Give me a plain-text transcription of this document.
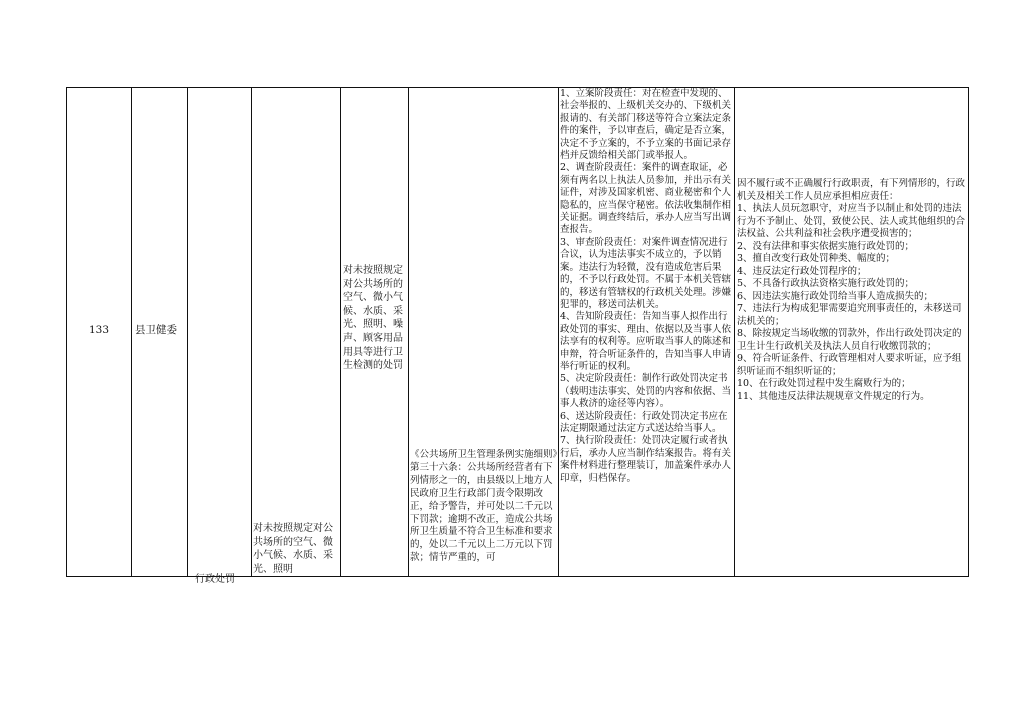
133	县卫健委
对未按照规定对公共场所的空气、微小气候、水质、采光、照明、噪声、顾客用品用具等进行卫生检测的处罚
对未按照规定对公共场所的空气、微小气候、水质、采光、照明
行政处罚
《公共场所卫生管理条例实施细则》第三十六条：公共场所经营者有下列情形之一的，由县级以上地方人民政府卫生行政部门责令限期改正，给予警告，并可处以二千元以下罚款；逾期不改正，造成公共场所卫生质量不符合卫生标准和要求的，处以二千元以上二万元以下罚款；情节严重的，可
1、立案阶段责任：对在检查中发现的、社会举报的、上级机关交办的、下级机关报请的、有关部门移送等符合立案法定条件的案件，予以审查后，确定是否立案，决定不予立案的，不予立案的书面记录存档并反馈给相关部门或举报人。
2、调查阶段责任：案件的调查取证，必须有两名以上执法人员参加，并出示有关证件，对涉及国家机密、商业秘密和个人隐私的，应当保守秘密。依法收集制作相关证据。调查终结后，承办人应当写出调查报告。
3、审查阶段责任：对案件调查情况进行合议，认为违法事实不成立的，予以销案。违法行为轻微，没有造成危害后果的，不予以行政处罚。不属于本机关管辖的，移送有管辖权的行政机关处理。涉嫌犯罪的，移送司法机关。
4、告知阶段责任：告知当事人拟作出行政处罚的事实、理由、依据以及当事人依法享有的权利等。应听取当事人的陈述和申辩，符合听证条件的，告知当事人申请举行听证的权利。
5、决定阶段责任：制作行政处罚决定书（载明违法事实、处罚的内容和依据、当事人救济的途径等内容）。
6、送达阶段责任：行政处罚决定书应在法定期限通过法定方式送达给当事人。
7、执行阶段责任：处罚决定履行或者执行后，承办人应当制作结案报告。将有关案件材料进行整理装订，加盖案件承办人印章，归档保存。
因不履行或不正确履行行政职责，有下列情形的，行政机关及相关工作人员应承担相应责任：
1、执法人员玩忽职守，对应当予以制止和处罚的违法行为不予制止、处罚，致使公民、法人或其他组织的合法权益、公共利益和社会秩序遭受损害的；
2、没有法律和事实依据实施行政处罚的；
3、擅自改变行政处罚种类、幅度的；
4、违反法定行政处罚程序的；
5、不具备行政执法资格实施行政处罚的；
6、因违法实施行政处罚给当事人造成损失的；
7、违法行为构成犯罪需要追究刑事责任的，未移送司法机关的；
8、除按规定当场收缴的罚款外，作出行政处罚决定的卫生计生行政机关及执法人员自行收缴罚款的；
9、符合听证条件、行政管理相对人要求听证，应予组织听证而不组织听证的；
10、在行政处罚过程中发生腐败行为的；
11、其他违反法律法规规章文件规定的行为。
